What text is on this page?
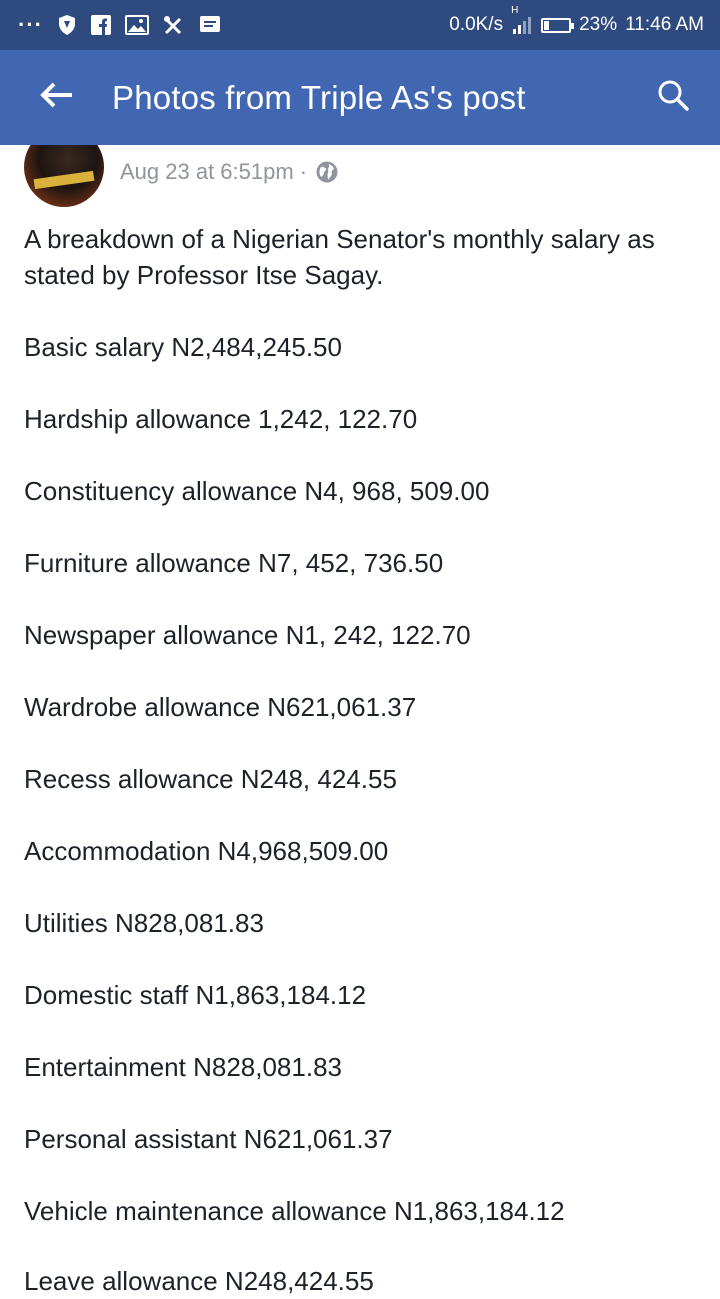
···	0.0K/s
H
23% 11:46 AM
Photos from Triple As's post
Aug 23 at 6:51pm ·

A breakdown of a Nigerian Senator's monthly salary as stated by Professor Itse Sagay.

Basic salary N2,484,245.50

Hardship allowance 1,242, 122.70

Constituency allowance N4, 968, 509.00

Furniture allowance N7, 452, 736.50

Newspaper allowance N1, 242, 122.70

Wardrobe allowance N621,061.37

Recess allowance N248, 424.55

Accommodation N4,968,509.00

Utilities N828,081.83

Domestic staff N1,863,184.12

Entertainment N828,081.83

Personal assistant N621,061.37

Vehicle maintenance allowance N1,863,184.12

Leave allowance N248,424.55
